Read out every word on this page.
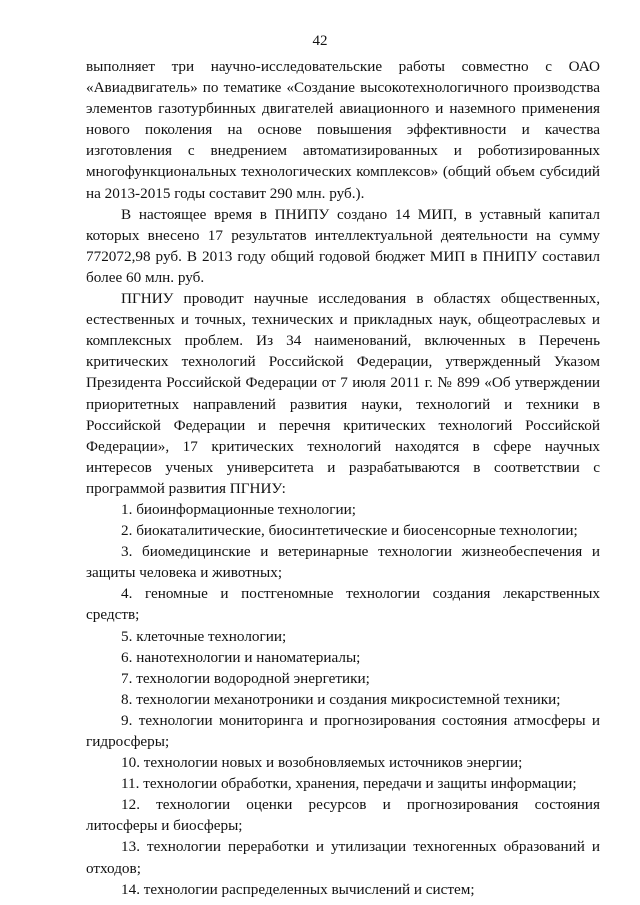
42

выполняет три научно-исследовательские работы совместно с ОАО «Авиадвигатель» по тематике «Создание высокотехнологичного производства элементов газотурбинных двигателей авиационного и наземного применения нового поколения на основе повышения эффективности и качества изготовления с внедрением автоматизированных и роботизированных многофункциональных технологических комплексов» (общий объем субсидий на 2013-2015 годы составит 290 млн. руб.).

В настоящее время в ПНИПУ создано 14 МИП, в уставный капитал которых внесено 17 результатов интеллектуальной деятельности на сумму 772072,98 руб. В 2013 году общий годовой бюджет МИП в ПНИПУ составил более 60 млн. руб.

ПГНИУ проводит научные исследования в областях общественных, естественных и точных, технических и прикладных наук, общеотраслевых и комплексных проблем. Из 34 наименований, включенных в Перечень критических технологий Российской Федерации, утвержденный Указом Президента Российской Федерации от 7 июля 2011 г. № 899 «Об утверждении приоритетных направлений развития науки, технологий и техники в Российской Федерации и перечня критических технологий Российской Федерации», 17 критических технологий находятся в сфере научных интересов ученых университета и разрабатываются в соответствии с программой развития ПГНИУ:

1. биоинформационные технологии;
2. биокаталитические, биосинтетические и биосенсорные технологии;
3. биомедицинские и ветеринарные технологии жизнеобеспечения и защиты человека и животных;
4. геномные и постгеномные технологии создания лекарственных средств;
5. клеточные технологии;
6. нанотехнологии и наноматериалы;
7. технологии водородной энергетики;
8. технологии механотроники и создания микросистемной техники;
9. технологии мониторинга и прогнозирования состояния атмосферы и гидросферы;
10. технологии новых и возобновляемых источников энергии;
11. технологии обработки, хранения, передачи и защиты информации;
12. технологии оценки ресурсов и прогнозирования состояния литосферы и биосферы;
13. технологии переработки и утилизации техногенных образований и отходов;
14. технологии распределенных вычислений и систем;
